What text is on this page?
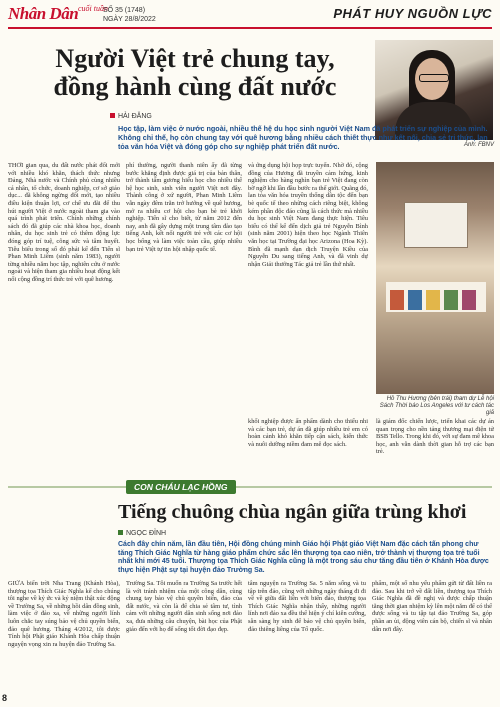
Nhân Dân cuối tuần
SỐ 35 (1748)
NGÀY 28/8/2022	PHÁT HUY NGUỒN LỰC
Người Việt trẻ chung tay, đồng hành cùng đất nước
Ảnh: FBNV
HẢI ĐĂNG
Học tập, làm việc ở nước ngoài, nhiều thế hệ du học sinh người Việt Nam đã phát triển sự nghiệp của mình. Không chỉ thế, họ còn chung tay với quê hương bằng nhiều cách thiết thực như kết nối, chia sẻ tri thức, lan tỏa văn hóa Việt và đóng góp cho sự nghiệp phát triển đất nước.
THỜI gian qua, du đất nước phát đổi mới với nhiều khó khăn, thách thức nhưng Đảng, Nhà nước và Chính phủ cùng nhiều cá nhân, tổ chức, doanh nghiệp, cơ sở giáo dục... đã không ngừng đổi mới, tạo nhiều điều kiện thuận lợi, cơ chế ưu đãi để thu hút người Việt ở nước ngoài tham gia vào quá trình phát triển. Chính những chính sách đó đã giúp các nhà khoa học, doanh nhân, du học sinh trẻ có thêm động lực đóng góp trí tuệ, công sức và tâm huyết. Tiêu biểu trong số đó phải kể đến Tiến sĩ Phan Minh Liêm (sinh năm 1983), người từng nhiều năm học tập, nghiên cứu ở nước ngoài và hiện tham gia nhiều hoạt động kết nối cộng đồng trí thức trẻ với quê hương.
phí thường, người thanh niên ấy đã từng bước khẳng định được giá trị của bản thân, trở thành tấm gương hiếu học cho nhiều thế hệ học sinh, sinh viên người Việt nơi đây. Thành công ở xứ người, Phan Minh Liêm vẫn ngày đêm trăn trở hướng về quê hương, mở ra nhiều cơ hội cho bạn bè trẻ khởi nghiệp. Tiến sĩ cho biết, từ năm 2012 đến nay, anh đã gây dựng một trung tâm đào tạo tiếng Anh, kết nối người trẻ với các cơ hội học bổng và làm việc toàn cầu, giúp nhiều bạn trẻ Việt tự tin hội nhập quốc tế.
và ứng dụng hội họp trực tuyến. Nhờ đó, cộng đồng của Hương đã truyền cảm hứng, kinh nghiệm cho hàng nghìn bạn trẻ Việt đang còn bỡ ngỡ khi lần đầu bước ra thế giới. Quãng đó, lan tỏa văn hóa truyền thống dân tộc đến bạn bè quốc tế theo những cách riêng biệt, không kém phần độc đáo cũng là cách thức mà nhiều du học sinh Việt Nam đang thực hiện. Tiêu biểu có thể kể đến dịch giả trẻ Nguyễn Bình (sinh năm 2001) hiện theo học Ngành Thiên văn học tại Trường đại học Arizona (Hoa Kỳ). Bình đã mạnh dạn dịch Truyện Kiều của Nguyễn Du sang tiếng Anh, và đã vinh dự nhận Giải thưởng Tác giả trẻ lần thứ nhất.
Hồ Thu Hương (bên trái) tham dự Lễ hội Sách Thời báo Los Angeles với tư cách tác giả
khối nghiệp được ấn phẩm dành cho thiếu nhi và các bạn trẻ, dự án đã giúp nhiều trẻ em có hoàn cảnh khó khăn tiếp cận sách, kiến thức và nuôi dưỡng niềm đam mê đọc sách.
là giám đốc chiến lược, triển khai các dự án quan trọng cho nền tảng thương mại điện tử BSB Tello. Trong khi đó, với sự đam mê khoa học, anh vẫn dành thời gian hỗ trợ các bạn trẻ.
CON CHÁU LẠC HỒNG
Tiếng chuông chùa ngân giữa trùng khơi
NGỌC ĐỈNH
Cách đây chín năm, lần đầu tiên, Hội đồng chúng minh Giáo hội Phật giáo Việt Nam đặc cách tấn phong chư tăng Thích Giác Nghĩa từ hàng giáo phẩm chức sắc lên thượng tọa cao niên, trở thành vị thượng tọa trẻ tuổi nhất khi mới 45 tuổi. Thượng tọa Thích Giác Nghĩa cũng là một trong sáu chư tăng đầu tiên ở Khánh Hòa được thực hiện Phật sự tại huyện đảo Trường Sa.
GIỮA biển trời Nha Trang (Khánh Hòa), thượng tọa Thích Giác Nghĩa kể cho chúng tôi nghe về kỷ ức và kỷ niệm thật xúc động về Trường Sa, về những hồi dân đồng sinh, làm việc ở đảo xa, về những người lính luôn chắc tay súng bảo vệ chủ quyền biển, đảo quê hương. Tháng 4/2012, tôi được Tỉnh hội Phật giáo Khánh Hòa chấp thuận nguyện vọng xin ra huyện đảo Trường Sa.
Trường Sa. Tôi muốn ra Trường Sa trước hết là với tránh nhiệm của một công dân, cùng chung tay bảo vệ chủ quyền biển, đảo của đất nước, và còn là để chia sẻ tâm tư, tình cảm với những người dân sinh sống nơi đảo xa, đưa những câu chuyện, bài học của Phật giáo đến với họ để sống tốt đời đạo đẹp.
tâm nguyện ra Trường Sa. 5 năm sống và tu tập trên đảo, cũng với những ngày tháng đi đi về về giữa đất liền với biển đảo, thượng tọa Thích Giác Nghĩa nhận thấy, những người lính nơi đảo xa đều thể hiện ý chí kiên cường, sẵn sàng hy sinh để bảo vệ chủ quyền biển, đảo thiêng liêng của Tổ quốc.
phẩm, một số nhu yếu phẩm gửi từ đất liền ra đảo. Sau khi trở về đất liền, thượng tọa Thích Giác Nghĩa đã đề nghị và được chấp thuận tăng thời gian nhiệm kỳ lên một năm để có thể được sống và tu tập tại đảo Trường Sa, góp phần an ủi, động viên cán bộ, chiến sĩ và nhân dân nơi đây.
8
